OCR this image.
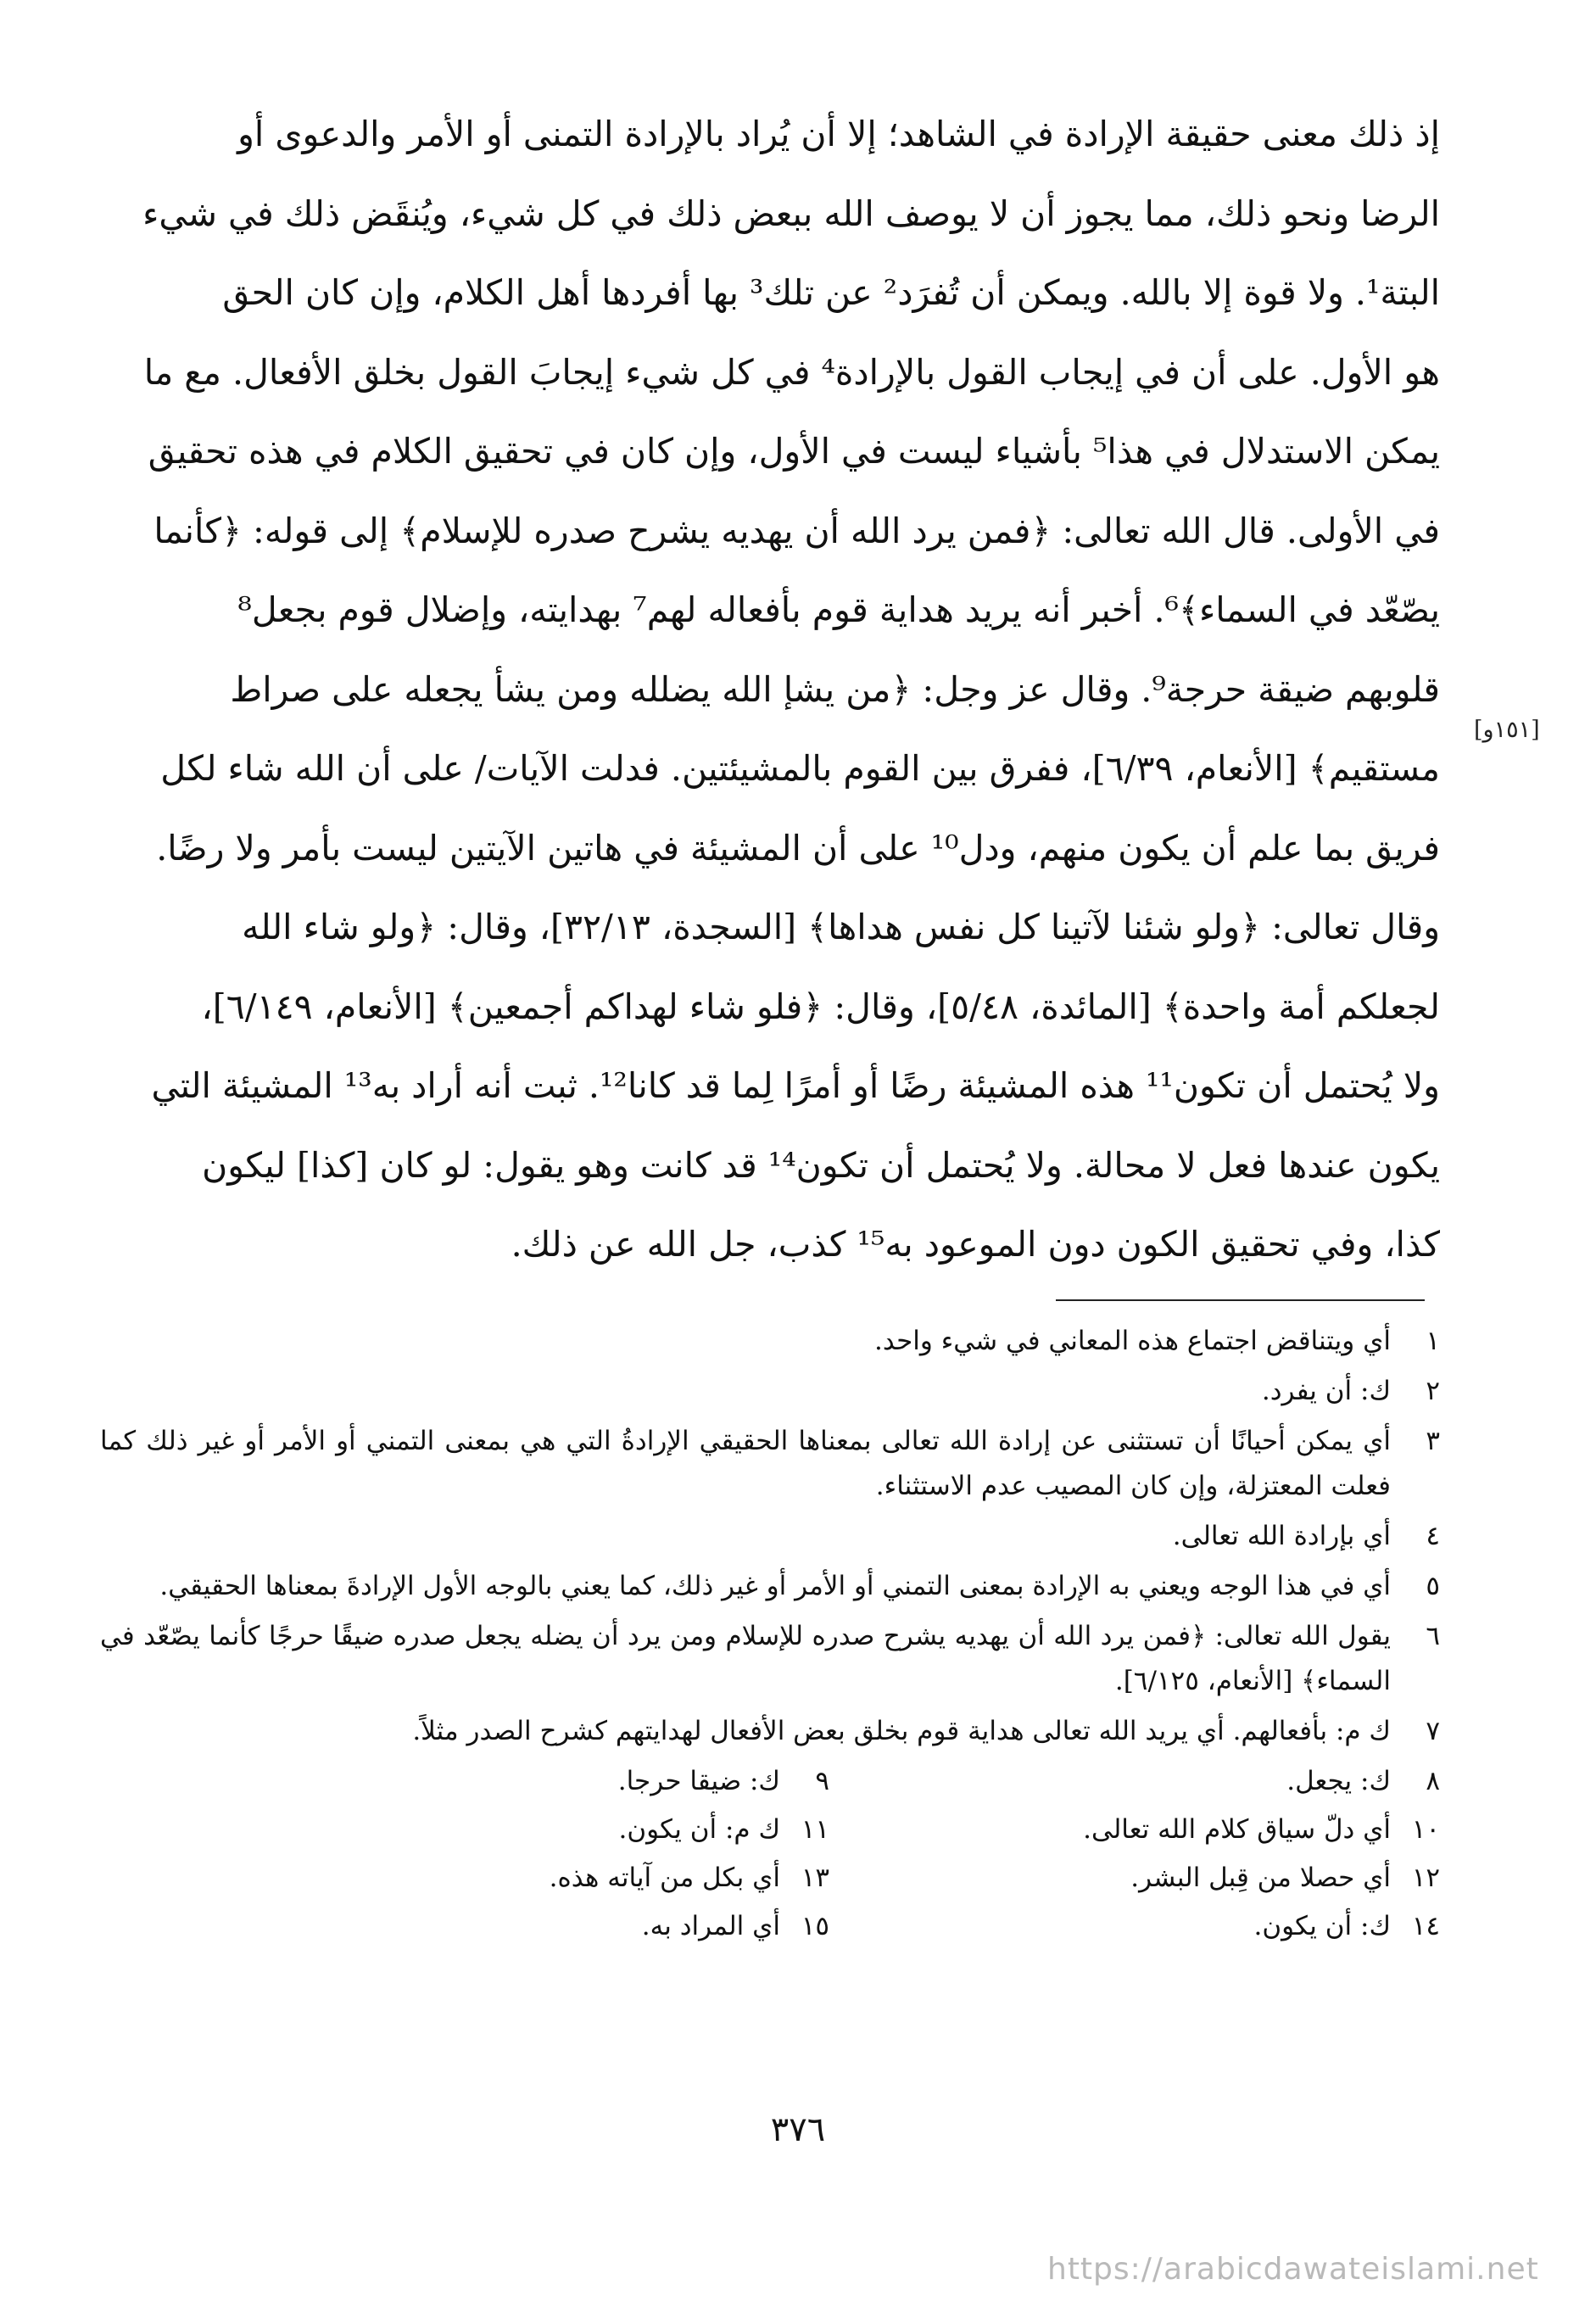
إذ ذلك معنى حقيقة الإرادة في الشاهد؛ إلا أن يُراد بالإرادة التمنى أو الأمر والدعوى أو
الرضا ونحو ذلك، مما يجوز أن لا يوصف الله ببعض ذلك في كل شيء، ويُنقَض ذلك في شيء
البتة¹. ولا قوة إلا بالله. ويمكن أن تُفرَد² عن تلك³ بها أفردها أهل الكلام، وإن كان الحق
هو الأول. على أن في إيجاب القول بالإرادة⁴ في كل شيء إيجابَ القول بخلق الأفعال. مع ما
يمكن الاستدلال في هذا⁵ بأشياء ليست في الأول، وإن كان في تحقيق الكلام في هذه تحقيق
في الأولى. قال الله تعالى: ﴿فمن يرد الله أن يهديه يشرح صدره للإسلام﴾ إلى قوله: ﴿كأنما
يصّعّد في السماء﴾⁶. أخبر أنه يريد هداية قوم بأفعاله لهم⁷ بهدايته، وإضلال قوم بجعل⁸
قلوبهم ضيقة حرجة⁹. وقال عز وجل: ﴿من يشإ الله يضلله ومن يشأ يجعله على صراط
مستقيم﴾ [الأنعام، ٦/٣٩]، ففرق بين القوم بالمشيئتين. فدلت الآيات/ على أن الله شاء لكل
فريق بما علم أن يكون منهم، ودل¹⁰ على أن المشيئة في هاتين الآيتين ليست بأمر ولا رضًا.
وقال تعالى: ﴿ولو شئنا لآتينا كل نفس هداها﴾ [السجدة، ٣٢/١٣]، وقال: ﴿ولو شاء الله
لجعلكم أمة واحدة﴾ [المائدة، ٥/٤٨]، وقال: ﴿فلو شاء لهداكم أجمعين﴾ [الأنعام، ٦/١٤٩]،
ولا يُحتمل أن تكون¹¹ هذه المشيئة رضًا أو أمرًا لِما قد كانا¹². ثبت أنه أراد به¹³ المشيئة التي
يكون عندها فعل لا محالة. ولا يُحتمل أن تكون¹⁴ قد كانت وهو يقول: لو كان [كذا] ليكون
كذا، وفي تحقيق الكون دون الموعود به¹⁵ كذب، جل الله عن ذلك.
[١٥١و]
١
أي ويتناقض اجتماع هذه المعاني في شيء واحد.
٢
ك: أن يفرد.
٣
أي يمكن أحيانًا أن تستثنى عن إرادة الله تعالى بمعناها الحقيقي الإرادةُ التي هي بمعنى التمني أو الأمر أو غير ذلك كما فعلت المعتزلة، وإن كان المصيب عدم الاستثناء.
٤
أي بإرادة الله تعالى.
٥
أي في هذا الوجه ويعني به الإرادة بمعنى التمني أو الأمر أو غير ذلك، كما يعني بالوجه الأول الإرادةَ بمعناها الحقيقي.
٦
يقول الله تعالى: ﴿فمن يرد الله أن يهديه يشرح صدره للإسلام ومن يرد أن يضله يجعل صدره ضيقًا حرجًا كأنما يصّعّد في السماء﴾ [الأنعام، ٦/١٢٥].
٧
ك م: بأفعالهم. أي يريد الله تعالى هداية قوم بخلق بعض الأفعال لهدايتهم كشرح الصدر مثلاً.
٨
ك: يجعل.
٩
ك: ضيقا حرجا.
١٠
أي دلّ سياق كلام الله تعالى.
١١
ك م: أن يكون.
١٢
أي حصلا من قِبل البشر.
١٣
أي بكل من آياته هذه.
١٤
ك: أن يكون.
١٥
أي المراد به.
٣٧٦
https://arabicdawateislami.net
